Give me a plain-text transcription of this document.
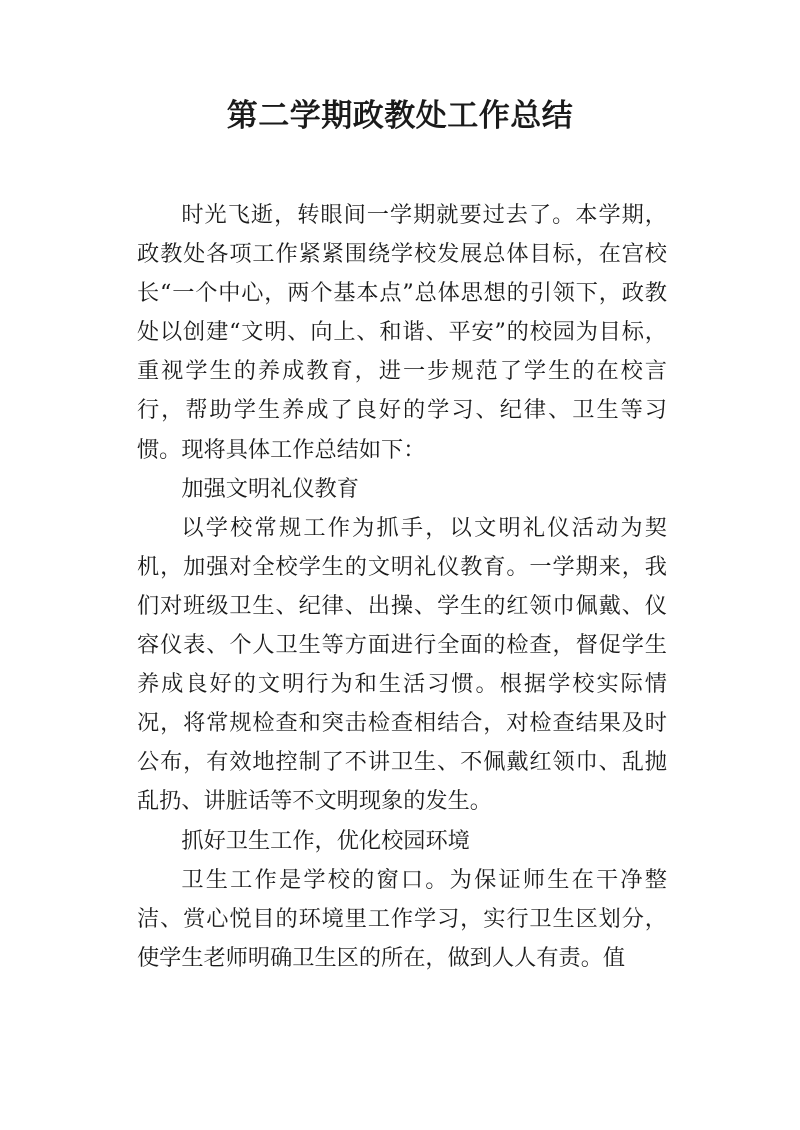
第二学期政教处工作总结

时光飞逝，转眼间一学期就要过去了。本学期，政教处各项工作紧紧围绕学校发展总体目标，在宫校长“一个中心，两个基本点”总体思想的引领下，政教处以创建“文明、向上、和谐、平安”的校园为目标，重视学生的养成教育，进一步规范了学生的在校言行，帮助学生养成了良好的学习、纪律、卫生等习惯。现将具体工作总结如下：

加强文明礼仪教育

以学校常规工作为抓手，以文明礼仪活动为契机，加强对全校学生的文明礼仪教育。一学期来，我们对班级卫生、纪律、出操、学生的红领巾佩戴、仪容仪表、个人卫生等方面进行全面的检查，督促学生养成良好的文明行为和生活习惯。根据学校实际情况，将常规检查和突击检查相结合，对检查结果及时公布，有效地控制了不讲卫生、不佩戴红领巾、乱抛乱扔、讲脏话等不文明现象的发生。

抓好卫生工作，优化校园环境

卫生工作是学校的窗口。为保证师生在干净整洁、赏心悦目的环境里工作学习，实行卫生区划分，使学生老师明确卫生区的所在，做到人人有责。值
